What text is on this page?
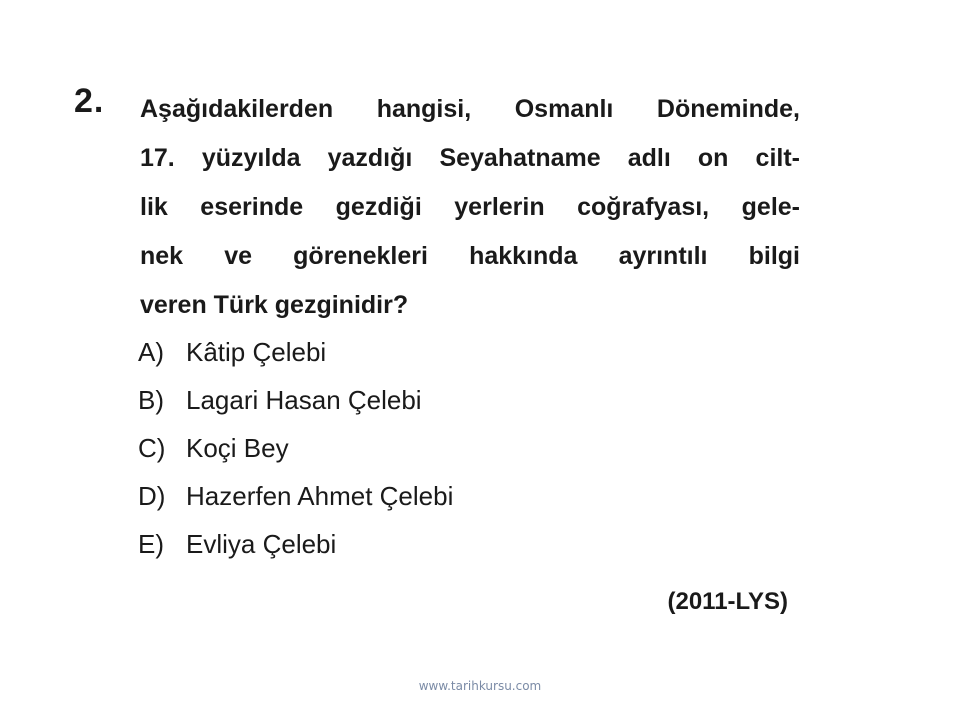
2. Aşağıdakilerden hangisi, Osmanlı Döneminde,
17. yüzyılda yazdığı Seyahatname adlı on cilt-
lik eserinde gezdiği yerlerin coğrafyası, gele-
nek ve görenekleri hakkında ayrıntılı bilgi
veren Türk gezginidir?
A) Kâtip Çelebi
B) Lagari Hasan Çelebi
C) Koçi Bey
D) Hazerfen Ahmet Çelebi
E) Evliya Çelebi
(2011-LYS)
www.tarihkursu.com
